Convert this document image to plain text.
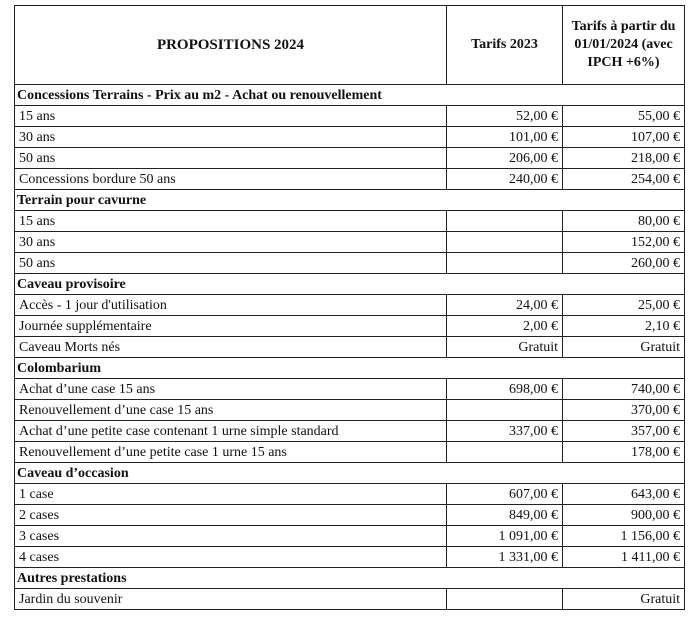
PROPOSITIONS 2024	Tarifs 2023	Tarifs à partir du 01/01/2024 (avec IPCH +6%)
Concessions Terrains - Prix au m2 - Achat ou renouvellement		
15 ans	52,00 €	55,00 €
30 ans	101,00 €	107,00 €
50 ans	206,00 €	218,00 €
Concessions bordure 50 ans	240,00 €	254,00 €
Terrain pour cavurne		
15 ans		80,00 €
30 ans		152,00 €
50 ans		260,00 €
Caveau provisoire		
Accès - 1 jour d'utilisation	24,00 €	25,00 €
Journée supplémentaire	2,00 €	2,10 €
Caveau Morts nés	Gratuit	Gratuit
Colombarium		
Achat d’une case 15 ans	698,00 €	740,00 €
Renouvellement d’une case 15 ans		370,00 €
Achat d’une petite case contenant 1 urne simple standard	337,00 €	357,00 €
Renouvellement d’une petite case 1 urne 15 ans		178,00 €
Caveau d’occasion		
1 case	607,00 €	643,00 €
2 cases	849,00 €	900,00 €
3 cases	1 091,00 €	1 156,00 €
4 cases	1 331,00 €	1 411,00 €
Autres prestations		
Jardin du souvenir		Gratuit
